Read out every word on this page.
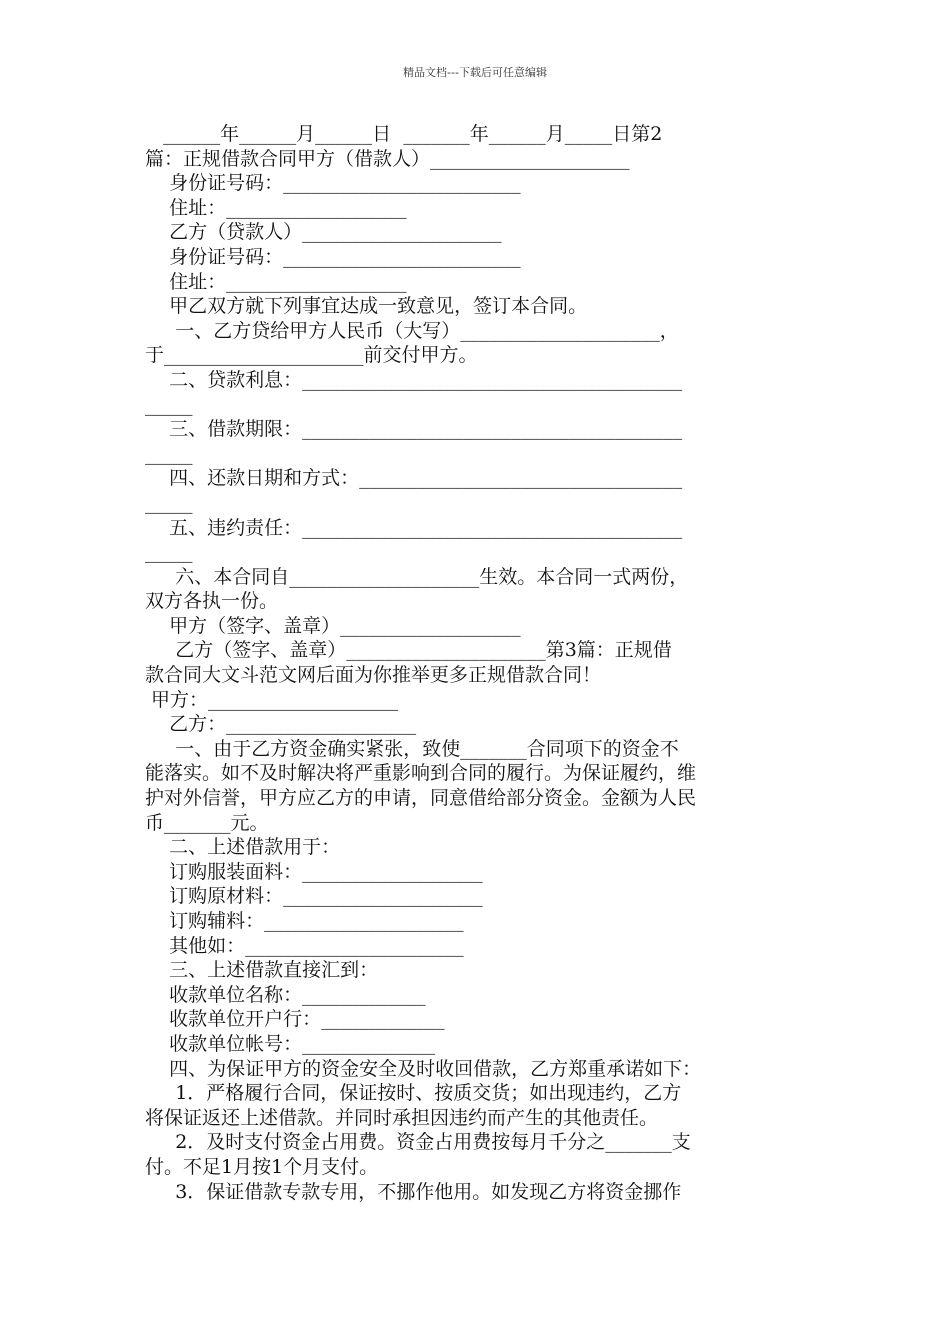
精品文档---下载后可任意编辑

______年______月______日  _______年______月_____日第2

篇：正规借款合同甲方（借款人）_____________________

身份证号码：_________________________

住址：___________________

乙方（贷款人）_____________________

身份证号码：_________________________

住址：___________________

甲乙双方就下列事宜达成一致意见，签订本合同。

一、乙方贷给甲方人民币（大写）_____________________，

于_____________________前交付甲方。

二、贷款利息：________________________________________

_____

三、借款期限：________________________________________

_____

四、还款日期和方式：__________________________________

_____

五、违约责任：________________________________________

_____

六、本合同自____________________生效。本合同一式两份，

双方各执一份。

甲方（签字、盖章）___________________

乙方（签字、盖章）_____________________第3篇：正规借

款合同大文斗范文网后面为你推举更多正规借款合同！

甲方：____________________

乙方：____________________

一、由于乙方资金确实紧张，致使_______合同项下的资金不

能落实。如不及时解决将严重影响到合同的履行。为保证履约，维

护对外信誉，甲方应乙方的申请，同意借给部分资金。金额为人民

币_______元。

二、上述借款用于：

订购服装面料：___________________

订购原材料：_____________________

订购辅料：_____________________

其他如：_______________________

三、上述借款直接汇到：

收款单位名称：_____________

收款单位开户行：_____________

收款单位帐号：______________

四、为保证甲方的资金安全及时收回借款，乙方郑重承诺如下：

1．严格履行合同，保证按时、按质交货；如出现违约，乙方

将保证返还上述借款。并同时承担因违约而产生的其他责任。

2．及时支付资金占用费。资金占用费按每月千分之_______支

付。不足1月按1个月支付。

3．保证借款专款专用，不挪作他用。如发现乙方将资金挪作
